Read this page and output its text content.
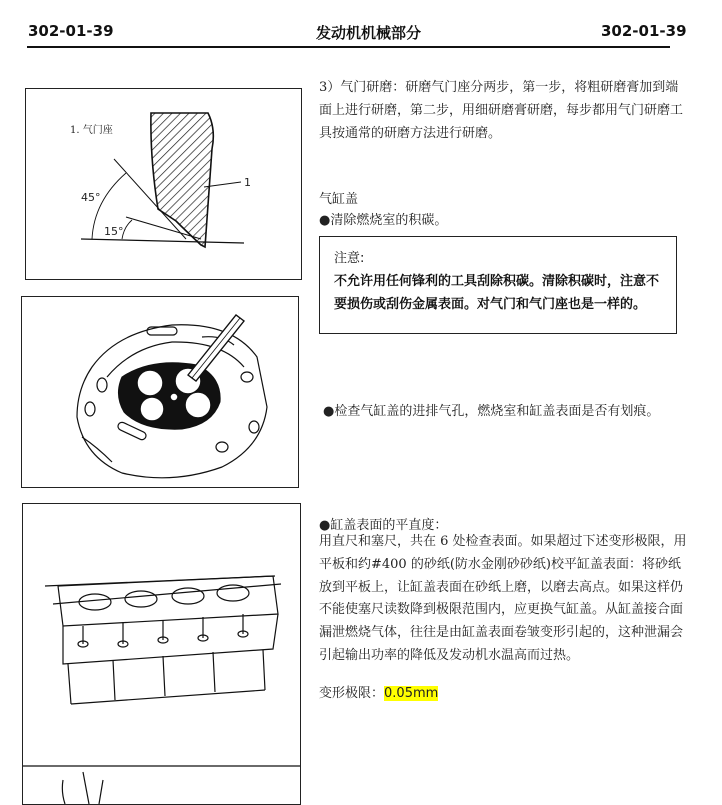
302-01-39	发动机机械部分	302-01-39
1. 气门座
45°
15°
1
3）气门研磨：研磨气门座分两步，第一步，将粗研磨膏加到端面上进行研磨，第二步，用细研磨膏研磨，每步都用气门研磨工具按通常的研磨方法进行研磨。
气缸盖
●清除燃烧室的积碳。
注意:
不允许用任何锋利的工具刮除积碳。清除积碳时，注意不要损伤或刮伤金属表面。对气门和气门座也是一样的。
●检查气缸盖的进排气孔，燃烧室和缸盖表面是否有划痕。
●缸盖表面的平直度：
用直尺和塞尺，共在 6 处检查表面。如果超过下述变形极限，用平板和约#400 的砂纸(防水金刚砂砂纸)校平缸盖表面：将砂纸放到平板上，让缸盖表面在砂纸上磨，以磨去高点。如果这样仍不能使塞尺读数降到极限范围内，应更换气缸盖。从缸盖接合面漏泄燃烧气体，往往是由缸盖表面卷皱变形引起的，这种泄漏会引起输出功率的降低及发动机水温高而过热。
变形极限：0.05mm
